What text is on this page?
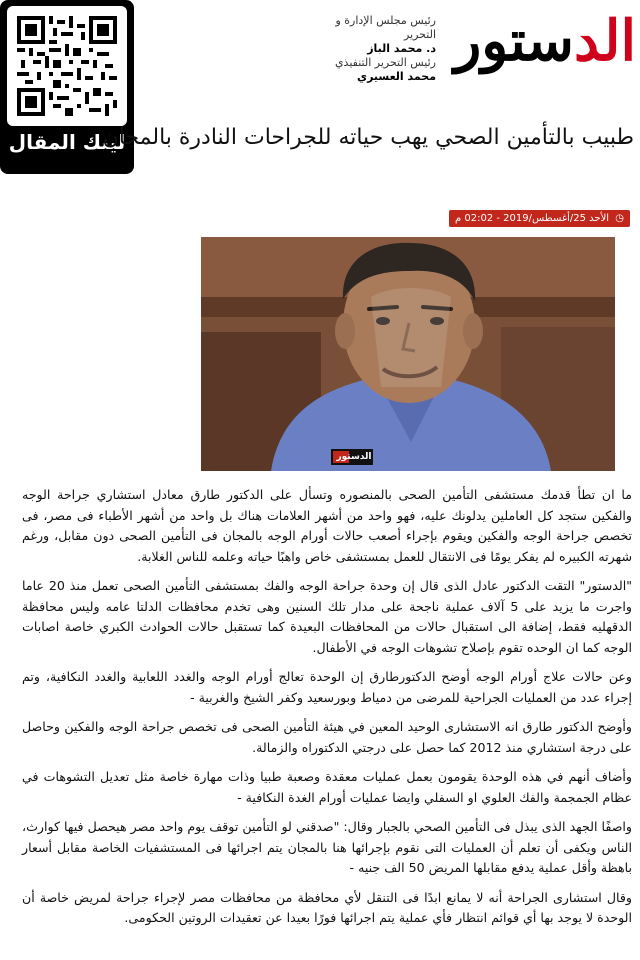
لينك المقال
رئيس مجلس الإدارة و التحرير
د. محمد الباز
رئيس التحرير التنفيذي
محمد العسيري
الدستور
طبيب بالتأمين الصحي يهب حياته للجراحات النادرة بالمجان
◷ الأحد 25/أغسطس/2019 - 02:02 م
الدستور

ما ان تطأ قدمك مستشفى التأمين الصحى بالمنصوره وتسأل على الدكتور طارق معادل استشاري جراحة الوجه والفكين ستجد كل العاملين يدلونك عليه، فهو واحد من أشهر العلامات هناك بل واحد من أشهر الأطباء فى مصر، فى تخصص جراحة الوجه والفكين ويقوم بإجراء أصعب حالات أورام الوجه بالمجان فى التأمين الصحى دون مقابل، ورغم شهرته الكبيره لم يفكر يومًا فى الانتقال للعمل بمستشفى خاص واهبًا حياته وعلمه للناس الغلابة.

"الدستور" التقت الدكتور عادل الذى قال إن وحدة جراحة الوجه والفك بمستشفى التأمين الصحى تعمل منذ 20 عاما واجرت ما يزيد على 5 آلاف عملية ناجحة على مدار تلك السنين وهى تخدم محافظات الدلتا عامه وليس محافظة الدقهليه فقط، إضافة الى استقبال حالات من المحافظات البعيدة كما تستقبل حالات الحوادث الكبري خاصة اصابات الوجه كما ان الوحده تقوم بإصلاح تشوهات الوجه في الأطفال.

وعن حالات علاج أورام الوجه أوضح الدكتورطارق إن الوحدة تعالج أورام الوجه والغدد اللعابية والغدد النكافية، وتم إجراء عدد من العمليات الجراحية للمرضى من دمياط وبورسعيد وكفر الشيخ والغربية -

وأوضح الدكتور طارق انه الاستشارى الوحيد المعين في هيئة التأمين الصحى فى تخصص جراحة الوجه والفكين وحاصل على درجة استشاري منذ 2012 كما حصل على درجتي الدكتوراه والزمالة.

وأضاف أنهم في هذه الوحدة يقومون بعمل عمليات معقدة وصعبة طبيا وذات مهارة خاصة مثل تعديل التشوهات في عظام الجمجمة والفك العلوي او السفلي وايضا عمليات أورام الغدة النكافية -

واصفًا الجهد الذى يبذل فى التأمين الصحي بالجبار وقال: "صدقني لو التأمين توقف يوم واحد مصر هيحصل فيها كوارث، الناس ويكفى أن تعلم أن العمليات التى نقوم بإجرائها هنا بالمجان يتم اجرائها فى المستشفيات الخاصة مقابل أسعار باهظة وأقل عملية يدفع مقابلها المريض 50 الف جنيه -

وقال استشارى الجراحة أنه لا يمانع ابدًا فى التنقل لأي محافظة من محافظات مصر لإجراء جراحة لمريض خاصة أن الوحدة لا يوجد بها أي قوائم انتظار فأي عملية يتم اجرائها فورًا بعيدا عن تعقيدات الروتين الحكومى.
